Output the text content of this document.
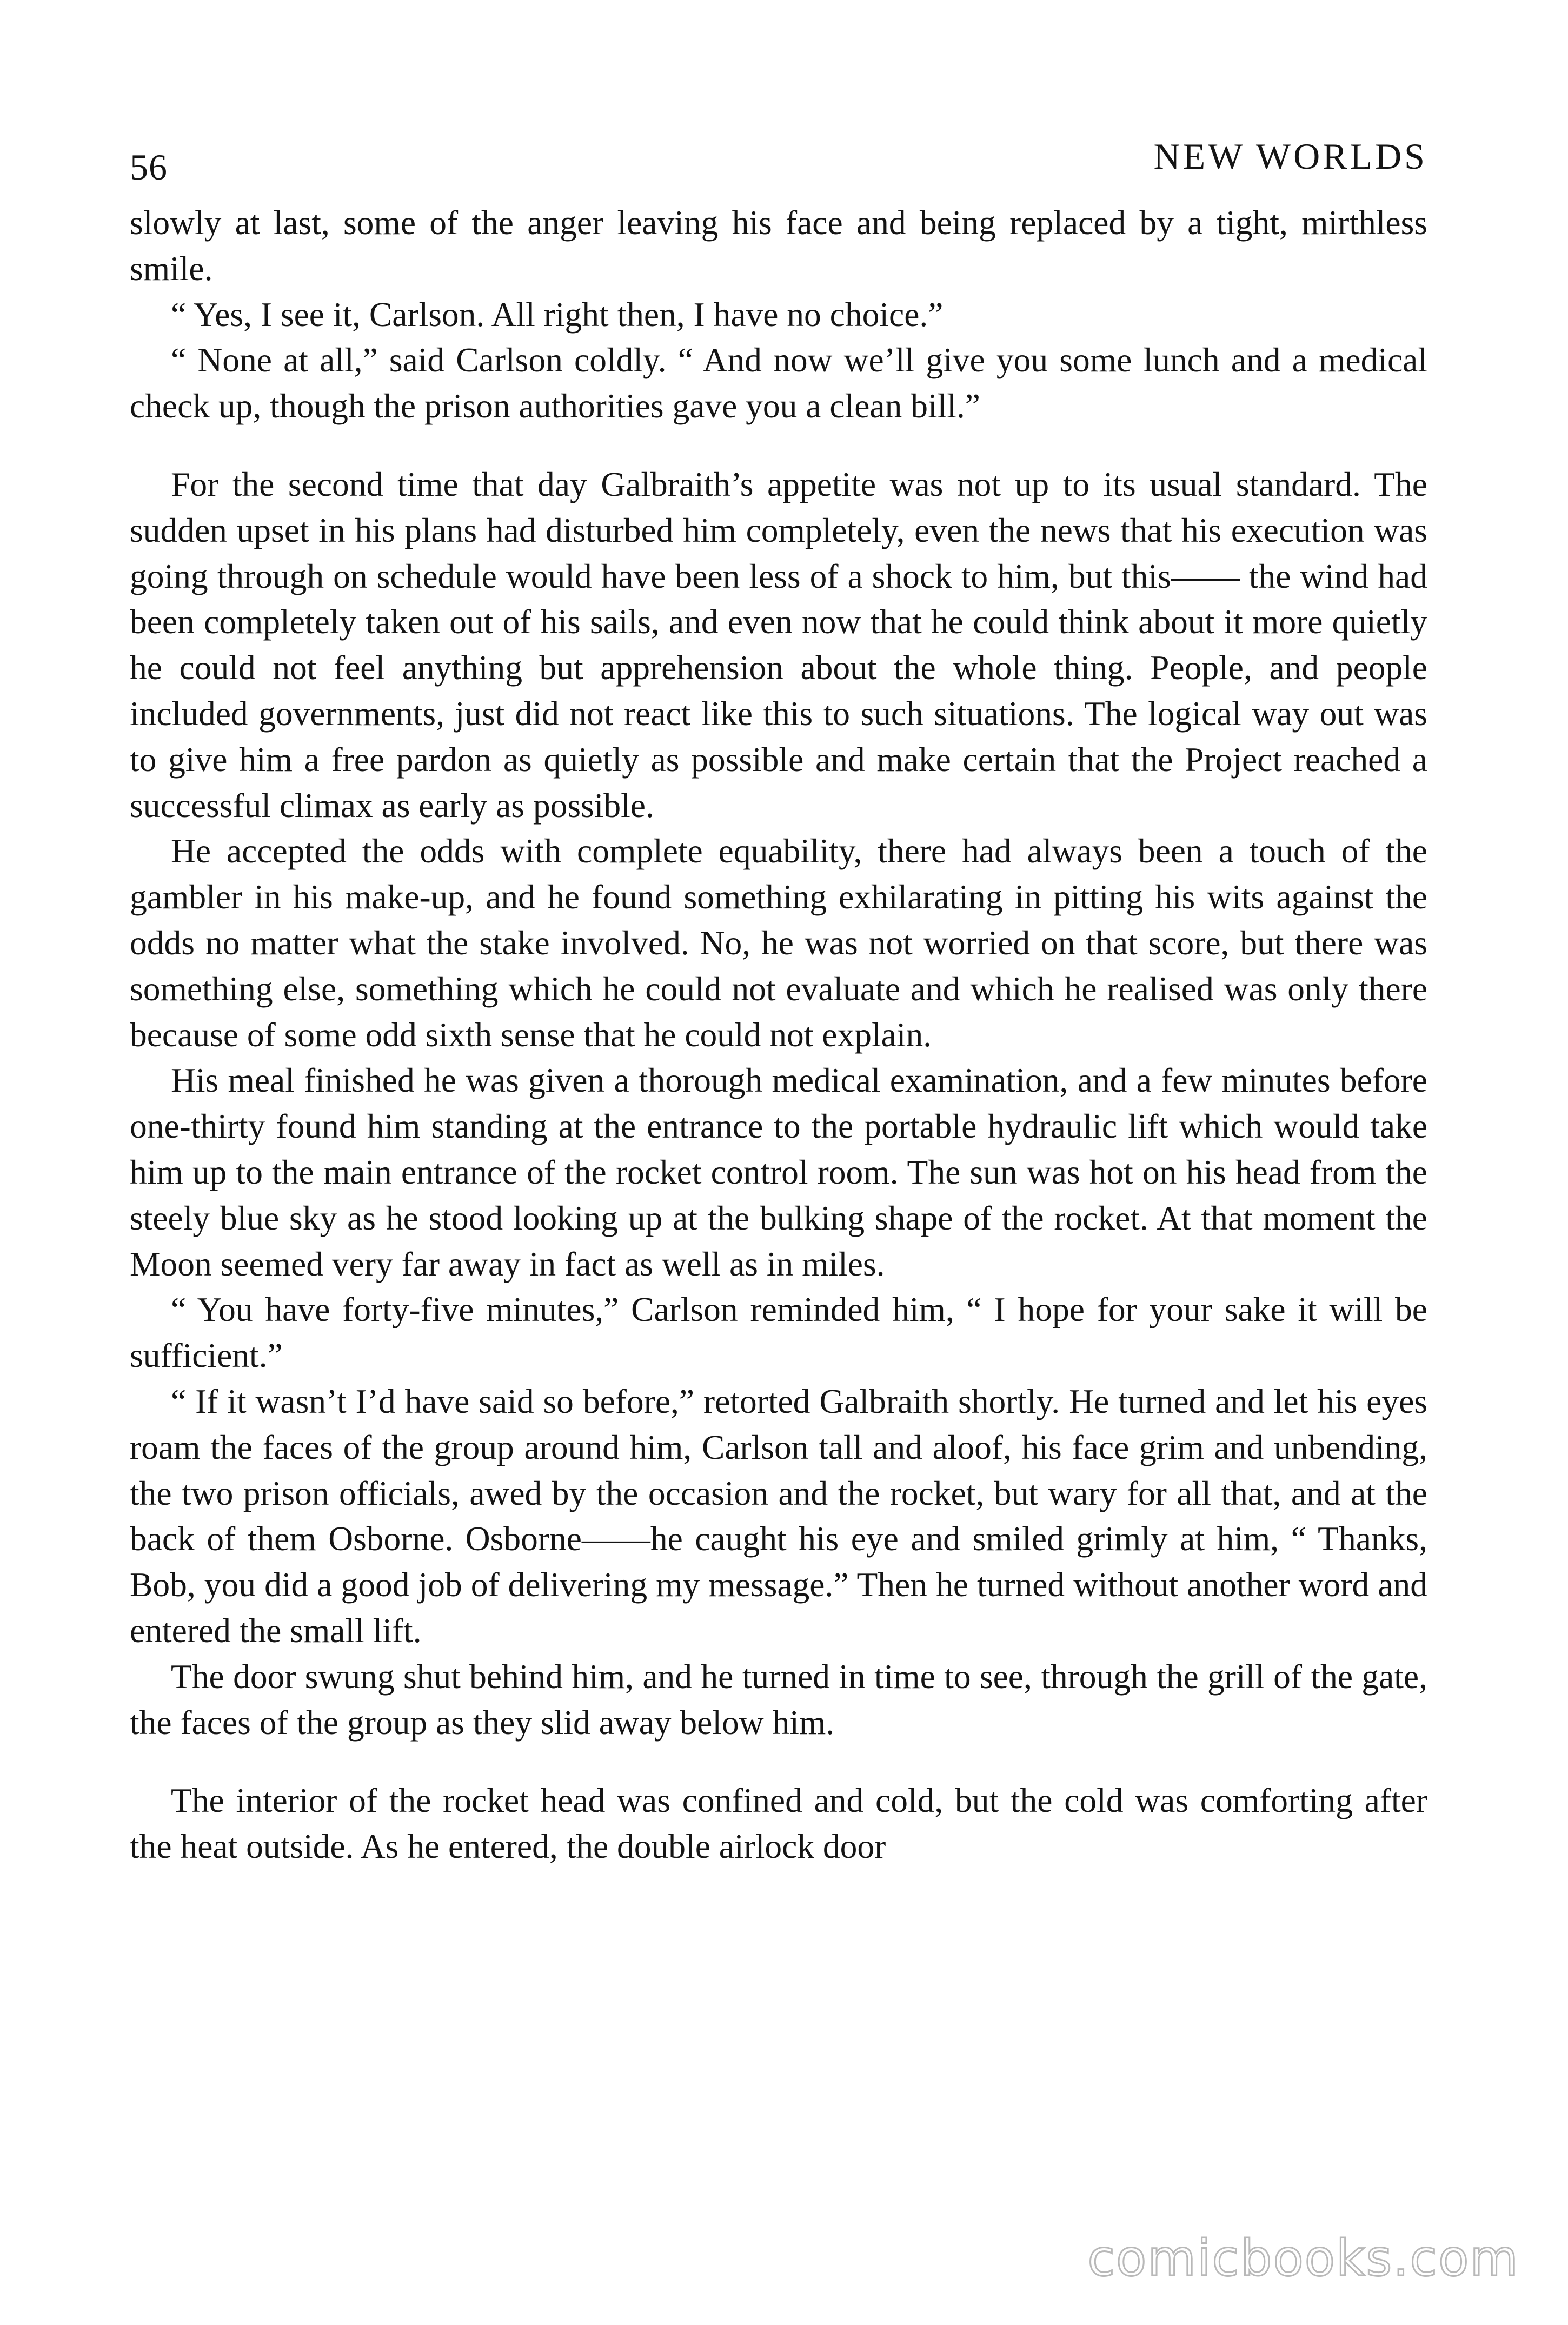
56	NEW WORLDS

slowly at last, some of the anger leaving his face and being replaced by a tight, mirthless smile.

“ Yes, I see it, Carlson. All right then, I have no choice.”

“ None at all,” said Carlson coldly. “ And now we’ll give you some lunch and a medical check up, though the prison authorities gave you a clean bill.”

For the second time that day Galbraith’s appetite was not up to its usual standard. The sudden upset in his plans had disturbed him completely, even the news that his execution was going through on schedule would have been less of a shock to him, but this—— the wind had been completely taken out of his sails, and even now that he could think about it more quietly he could not feel anything but apprehension about the whole thing. People, and people included governments, just did not react like this to such situations. The logical way out was to give him a free pardon as quietly as possible and make certain that the Project reached a successful climax as early as possible.

He accepted the odds with complete equability, there had always been a touch of the gambler in his make-up, and he found something exhilarating in pitting his wits against the odds no matter what the stake involved. No, he was not worried on that score, but there was something else, something which he could not evaluate and which he realised was only there because of some odd sixth sense that he could not explain.

His meal finished he was given a thorough medical examination, and a few minutes before one-thirty found him standing at the entrance to the portable hydraulic lift which would take him up to the main entrance of the rocket control room. The sun was hot on his head from the steely blue sky as he stood looking up at the bulking shape of the rocket. At that moment the Moon seemed very far away in fact as well as in miles.

“ You have forty-five minutes,” Carlson reminded him, “ I hope for your sake it will be sufficient.”

“ If it wasn’t I’d have said so before,” retorted Galbraith shortly. He turned and let his eyes roam the faces of the group around him, Carlson tall and aloof, his face grim and unbending, the two prison officials, awed by the occasion and the rocket, but wary for all that, and at the back of them Osborne. Osborne——he caught his eye and smiled grimly at him, “ Thanks, Bob, you did a good job of delivering my message.” Then he turned without another word and entered the small lift.

The door swung shut behind him, and he turned in time to see, through the grill of the gate, the faces of the group as they slid away below him.

The interior of the rocket head was confined and cold, but the cold was comforting after the heat outside. As he entered, the double airlock door

comicbooks.com
